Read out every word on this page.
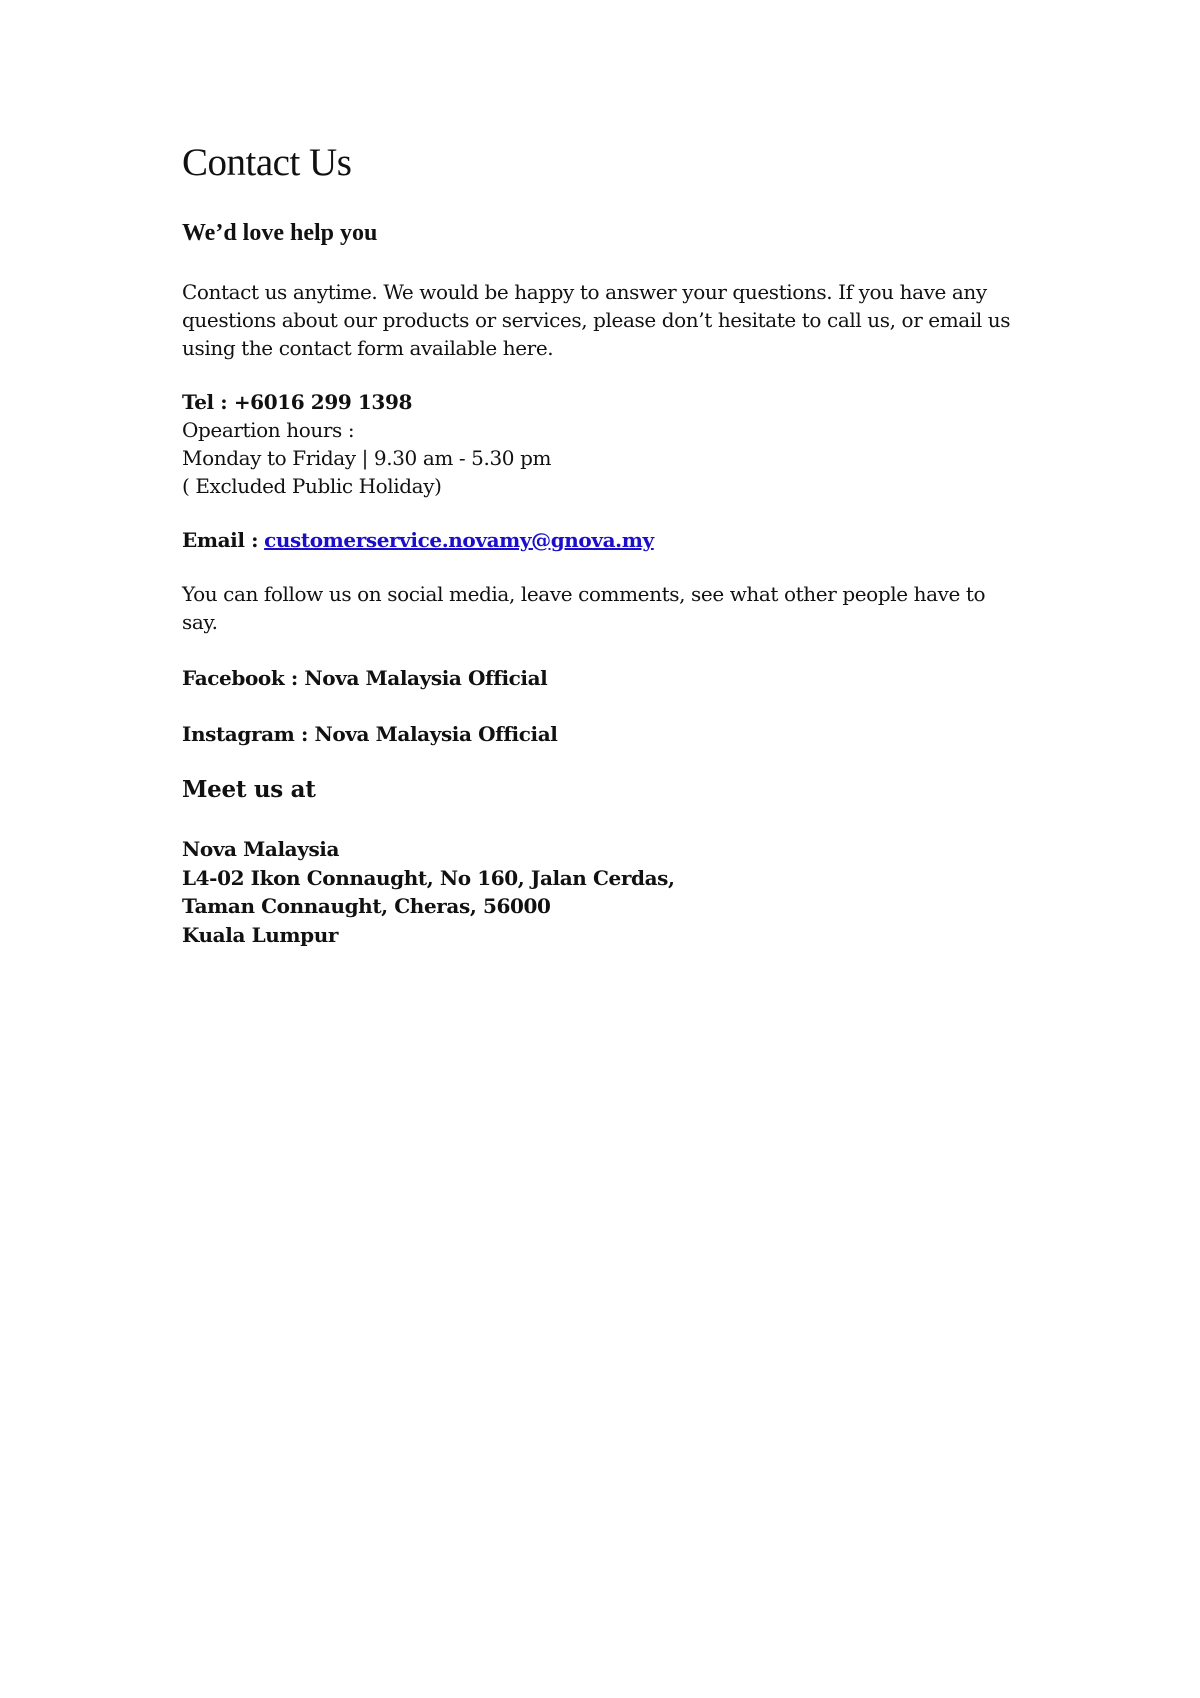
Contact Us
We’d love help you

Contact us anytime. We would be happy to answer your questions. If you have any questions about our products or services, please don’t hesitate to call us, or email us using the contact form available here.

Tel : +6016 299 1398
Opeartion hours :
Monday to Friday | 9.30 am - 5.30 pm
( Excluded Public Holiday)
Email : customerservice.novamy@gnova.my

You can follow us on social media, leave comments, see what other people have to say.

Facebook : Nova Malaysia Official
Instagram : Nova Malaysia Official
Meet us at
Nova Malaysia
L4-02 Ikon Connaught, No 160, Jalan Cerdas,
Taman Connaught, Cheras, 56000
Kuala Lumpur
